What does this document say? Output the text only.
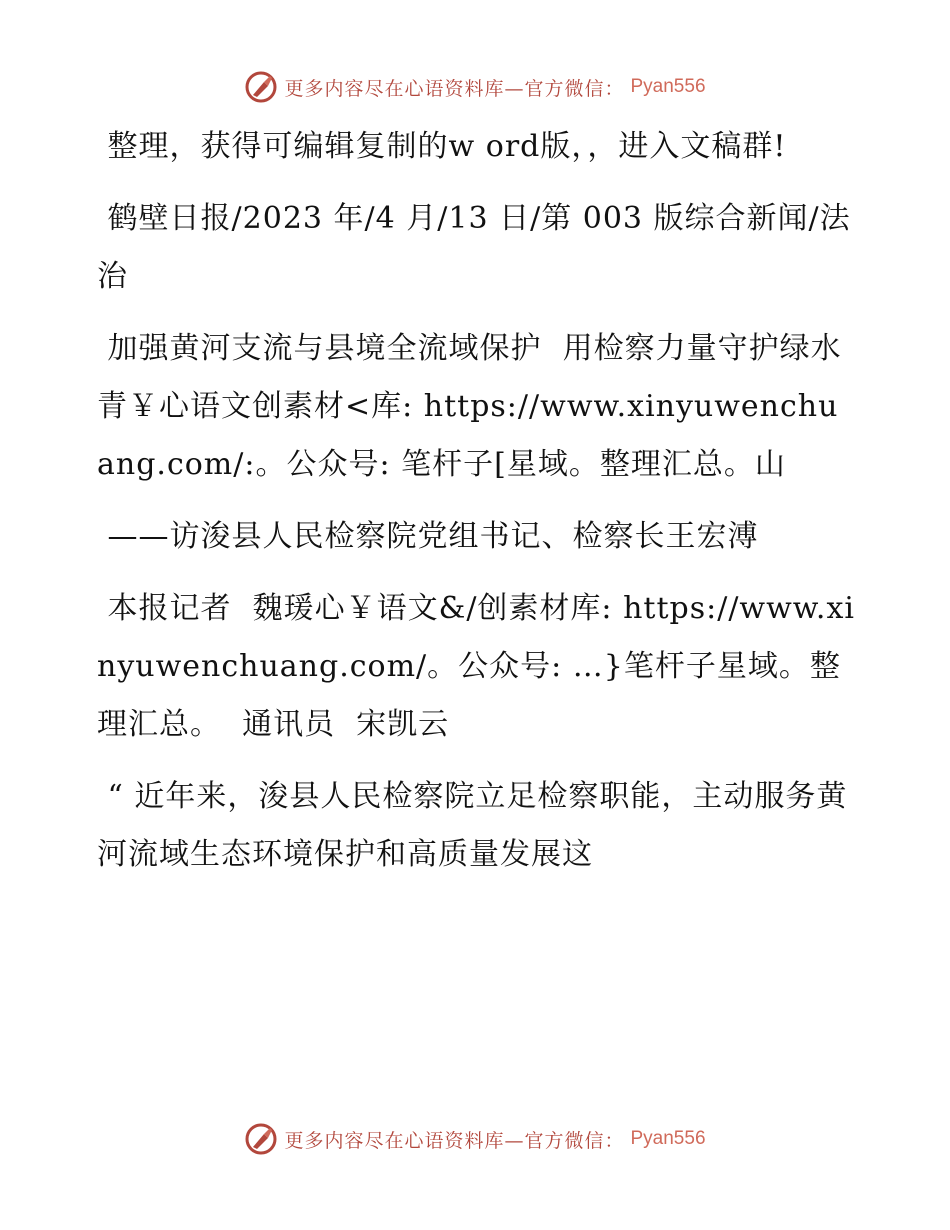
更多内容尽在心语资料库—官方微信： Pyan556

整理，获得可编辑复制的w ord版，，进入文稿群!

鹤壁日报/2023 年/4 月/13 日/第 003 版综合新闻/法治

加强黄河支流与县境全流域保护  用检察力量守护绿水青￥心语文创素材<库: https://www.xinyuwenchuang.com/:。公众号: 笔杆子[星域。整理汇总。山

——访浚县人民检察院党组书记、检察长王宏溥

本报记者  魏瑗心￥语文&/创素材库: https://www.xinyuwenchuang.com/。公众号: …}笔杆子星域。整理汇总。  通讯员  宋凯云

“ 近年来，浚县人民检察院立足检察职能，主动服务黄河流域生态环境保护和高质量发展这

更多内容尽在心语资料库—官方微信： Pyan556
